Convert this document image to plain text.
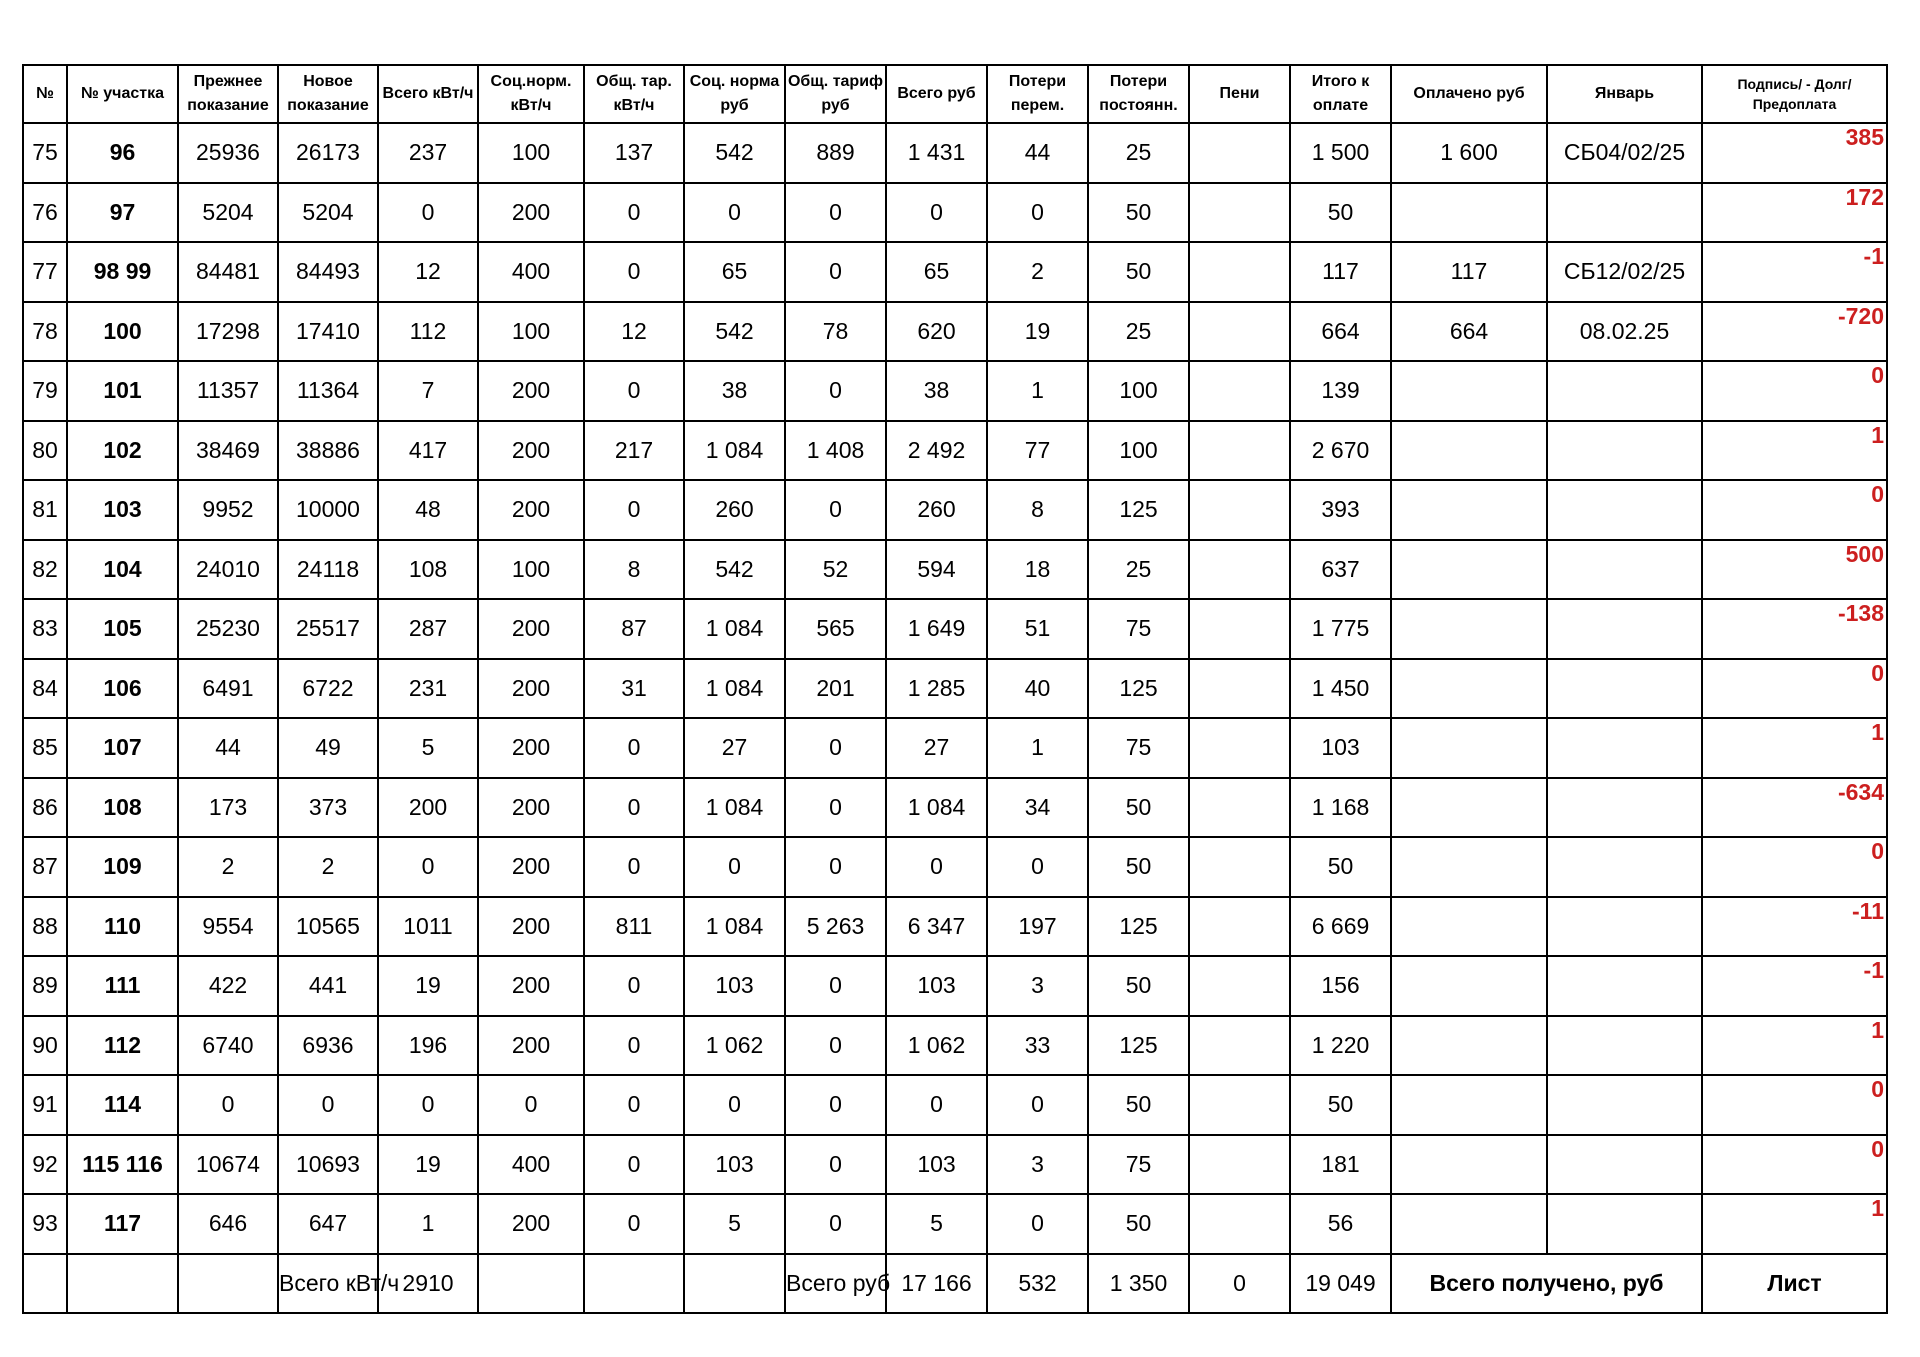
№	№ участка	Прежнее показание	Новое показание	Всего кВт/ч	Соц.норм. кВт/ч	Общ. тар. кВт/ч	Соц. норма руб	Общ. тариф руб	Всего руб	Потери перем.	Потери постоянн.	Пени	Итого к оплате	Оплачено руб	Январь	Подпись/ - Долг/Предоплата
75	96	25936	26173	237	100	137	542	889	1 431	44	25		1 500	1 600	СБ04/02/25	385
76	97	5204	5204	0	200	0	0	0	0	0	50		50			172
77	98 99	84481	84493	12	400	0	65	0	65	2	50		117	117	СБ12/02/25	-1
78	100	17298	17410	112	100	12	542	78	620	19	25		664	664	08.02.25	-720
79	101	11357	11364	7	200	0	38	0	38	1	100		139			0
80	102	38469	38886	417	200	217	1 084	1 408	2 492	77	100		2 670			1
81	103	9952	10000	48	200	0	260	0	260	8	125		393			0
82	104	24010	24118	108	100	8	542	52	594	18	25		637			500
83	105	25230	25517	287	200	87	1 084	565	1 649	51	75		1 775			-138
84	106	6491	6722	231	200	31	1 084	201	1 285	40	125		1 450			0
85	107	44	49	5	200	0	27	0	27	1	75		103			1
86	108	173	373	200	200	0	1 084	0	1 084	34	50		1 168			-634
87	109	2	2	0	200	0	0	0	0	0	50		50			0
88	110	9554	10565	1011	200	811	1 084	5 263	6 347	197	125		6 669			-11
89	111	422	441	19	200	0	103	0	103	3	50		156			-1
90	112	6740	6936	196	200	0	1 062	0	1 062	33	125		1 220			1
91	114	0	0	0	0	0	0	0	0	0	50		50			0
92	115 116	10674	10693	19	400	0	103	0	103	3	75		181			0
93	117	646	647	1	200	0	5	0	5	0	50		56			1
			Всего кВт/ч	2910				Всего руб	17 166	532	1 350	0	19 049	Всего получено, руб		Лист
